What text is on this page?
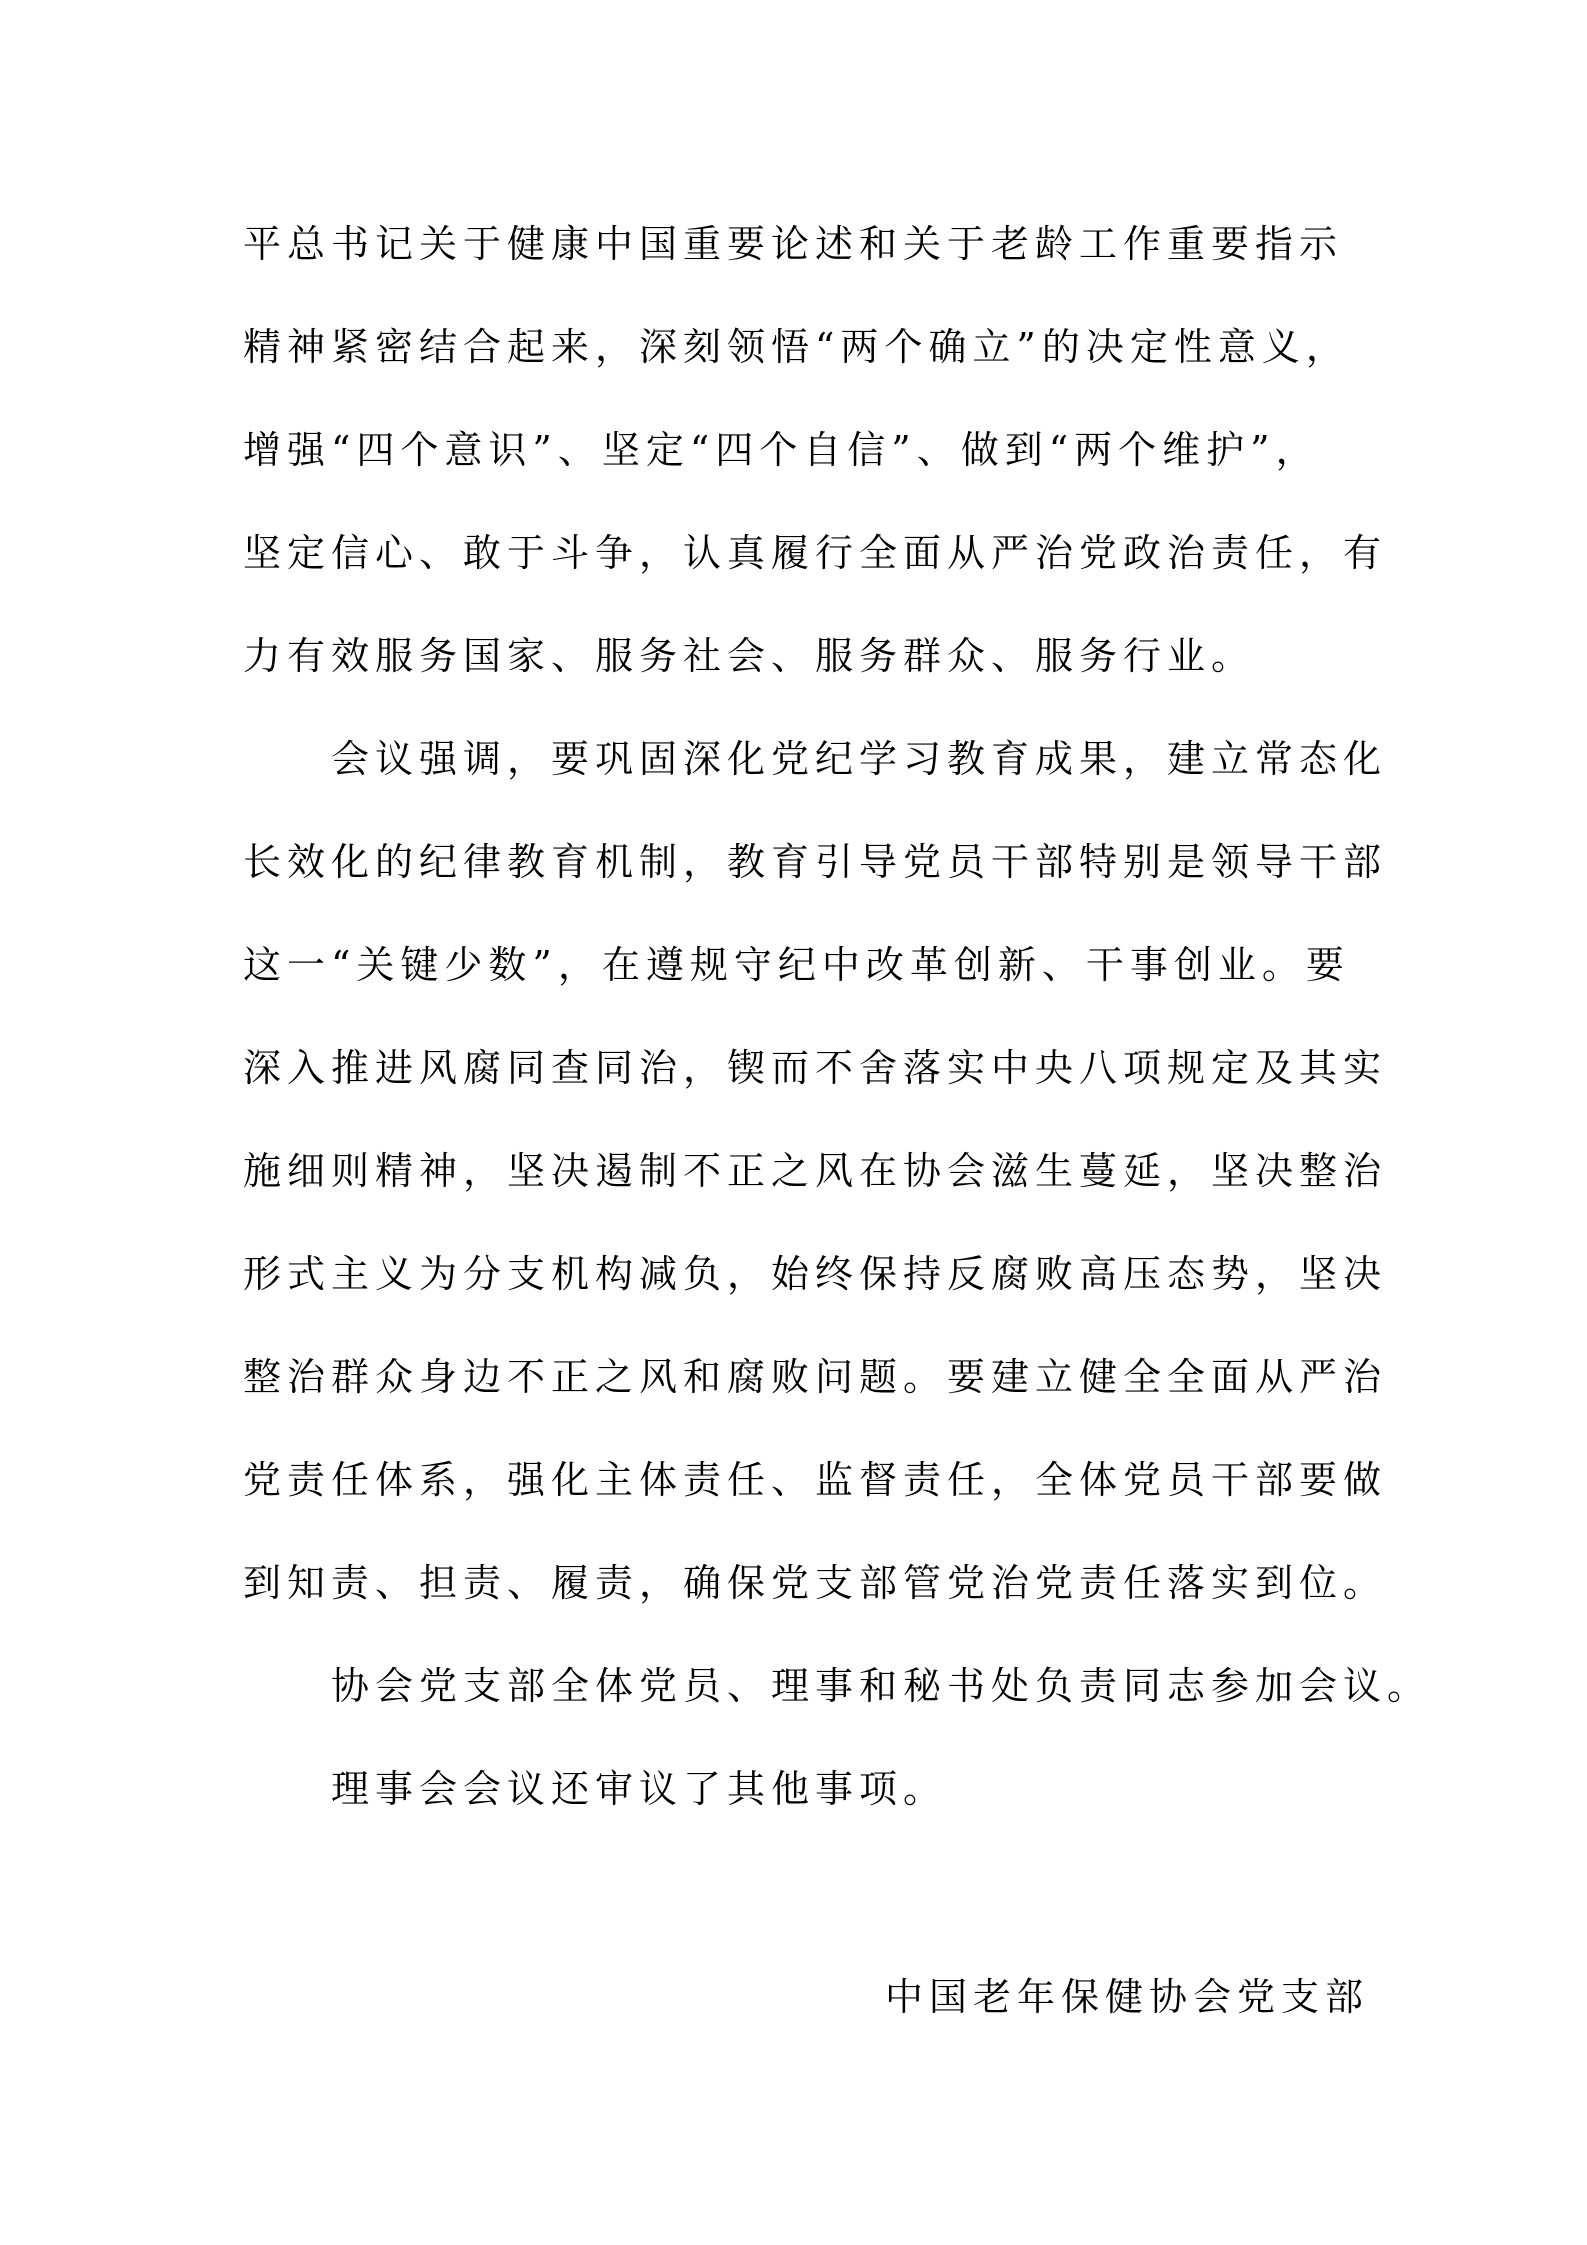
平总书记关于健康中国重要论述和关于老龄工作重要指示
精神紧密结合起来，深刻领悟“两个确立”的决定性意义，
增强“四个意识”、坚定“四个自信”、做到“两个维护”，
坚定信心、敢于斗争，认真履行全面从严治党政治责任，有
力有效服务国家、服务社会、服务群众、服务行业。
会议强调，要巩固深化党纪学习教育成果，建立常态化
长效化的纪律教育机制，教育引导党员干部特别是领导干部
这一“关键少数”，在遵规守纪中改革创新、干事创业。要
深入推进风腐同查同治，锲而不舍落实中央八项规定及其实
施细则精神，坚决遏制不正之风在协会滋生蔓延，坚决整治
形式主义为分支机构减负，始终保持反腐败高压态势，坚决
整治群众身边不正之风和腐败问题。要建立健全全面从严治
党责任体系，强化主体责任、监督责任，全体党员干部要做
到知责、担责、履责，确保党支部管党治党责任落实到位。
协会党支部全体党员、理事和秘书处负责同志参加会议。
理事会会议还审议了其他事项。
中国老年保健协会党支部
